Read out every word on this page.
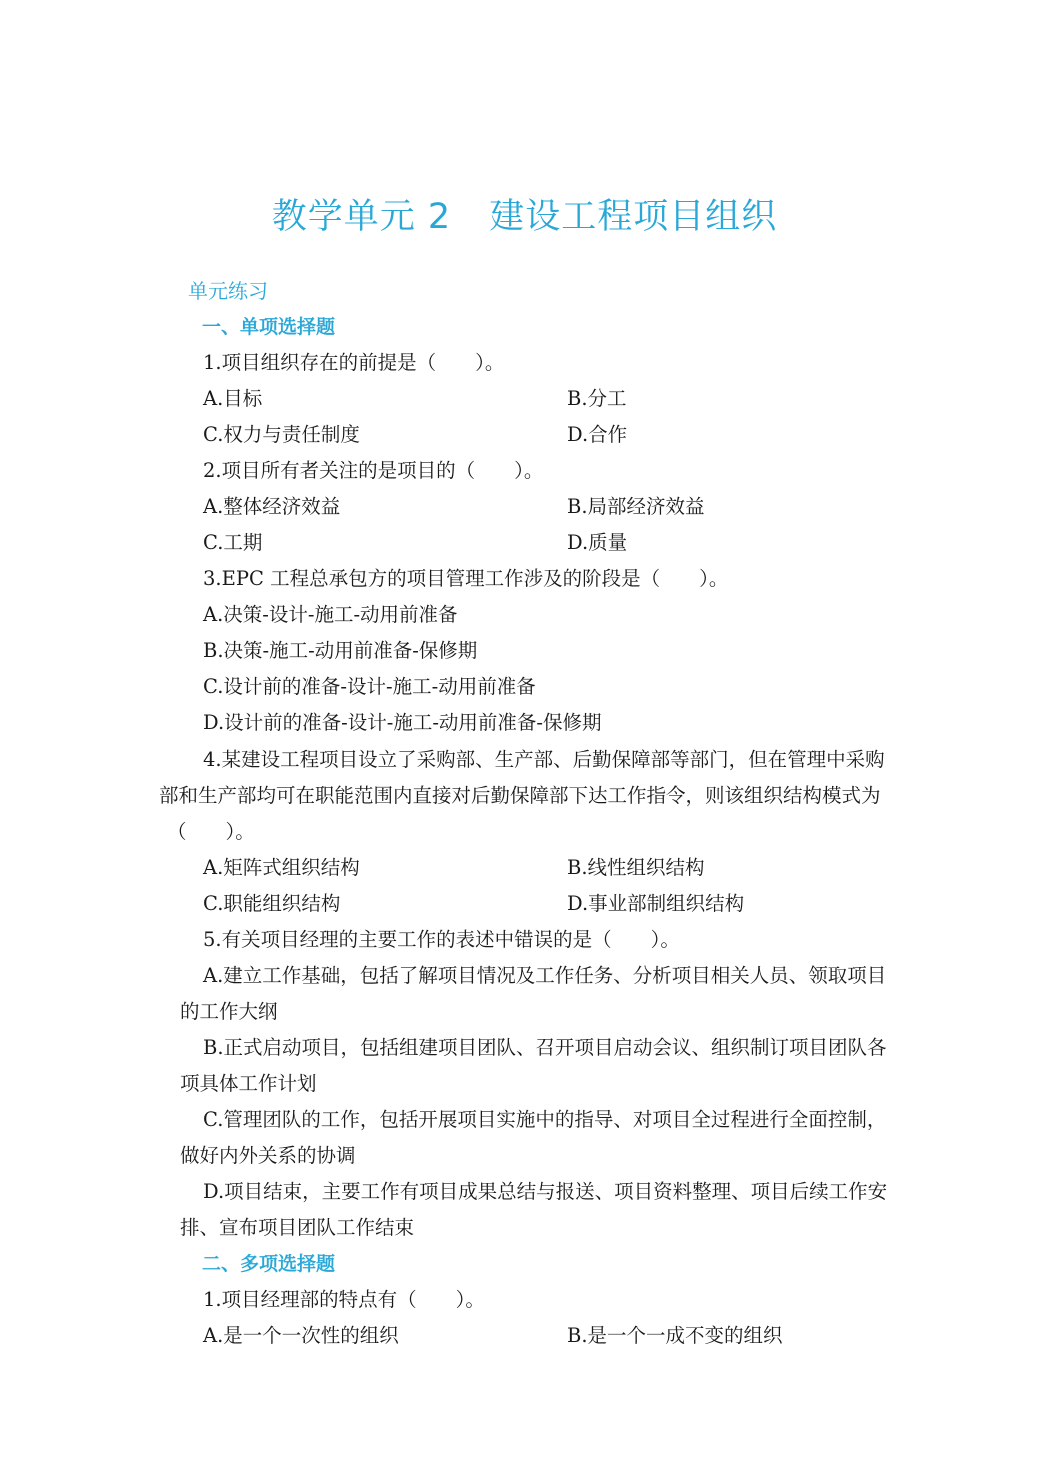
教学单元 2 建设工程项目组织
单元练习
一、单项选择题
1.项目组织存在的前提是（　　）。
A.目标	B.分工
C.权力与责任制度	D.合作
2.项目所有者关注的是项目的（　　）。
A.整体经济效益	B.局部经济效益
C.工期	D.质量
3.EPC 工程总承包方的项目管理工作涉及的阶段是（　　）。
A.决策-设计-施工-动用前准备
B.决策-施工-动用前准备-保修期
C.设计前的准备-设计-施工-动用前准备
D.设计前的准备-设计-施工-动用前准备-保修期
4.某建设工程项目设立了采购部、生产部、后勤保障部等部门，但在管理中采购
部和生产部均可在职能范围内直接对后勤保障部下达工作指令，则该组织结构模式为
（　　）。
A.矩阵式组织结构	B.线性组织结构
C.职能组织结构	D.事业部制组织结构
5.有关项目经理的主要工作的表述中错误的是（　　）。
A.建立工作基础，包括了解项目情况及工作任务、分析项目相关人员、领取项目
的工作大纲
B.正式启动项目，包括组建项目团队、召开项目启动会议、组织制订项目团队各
项具体工作计划
C.管理团队的工作，包括开展项目实施中的指导、对项目全过程进行全面控制，
做好内外关系的协调
D.项目结束，主要工作有项目成果总结与报送、项目资料整理、项目后续工作安
排、宣布项目团队工作结束
二、多项选择题
1.项目经理部的特点有（　　）。
A.是一个一次性的组织	B.是一个一成不变的组织
